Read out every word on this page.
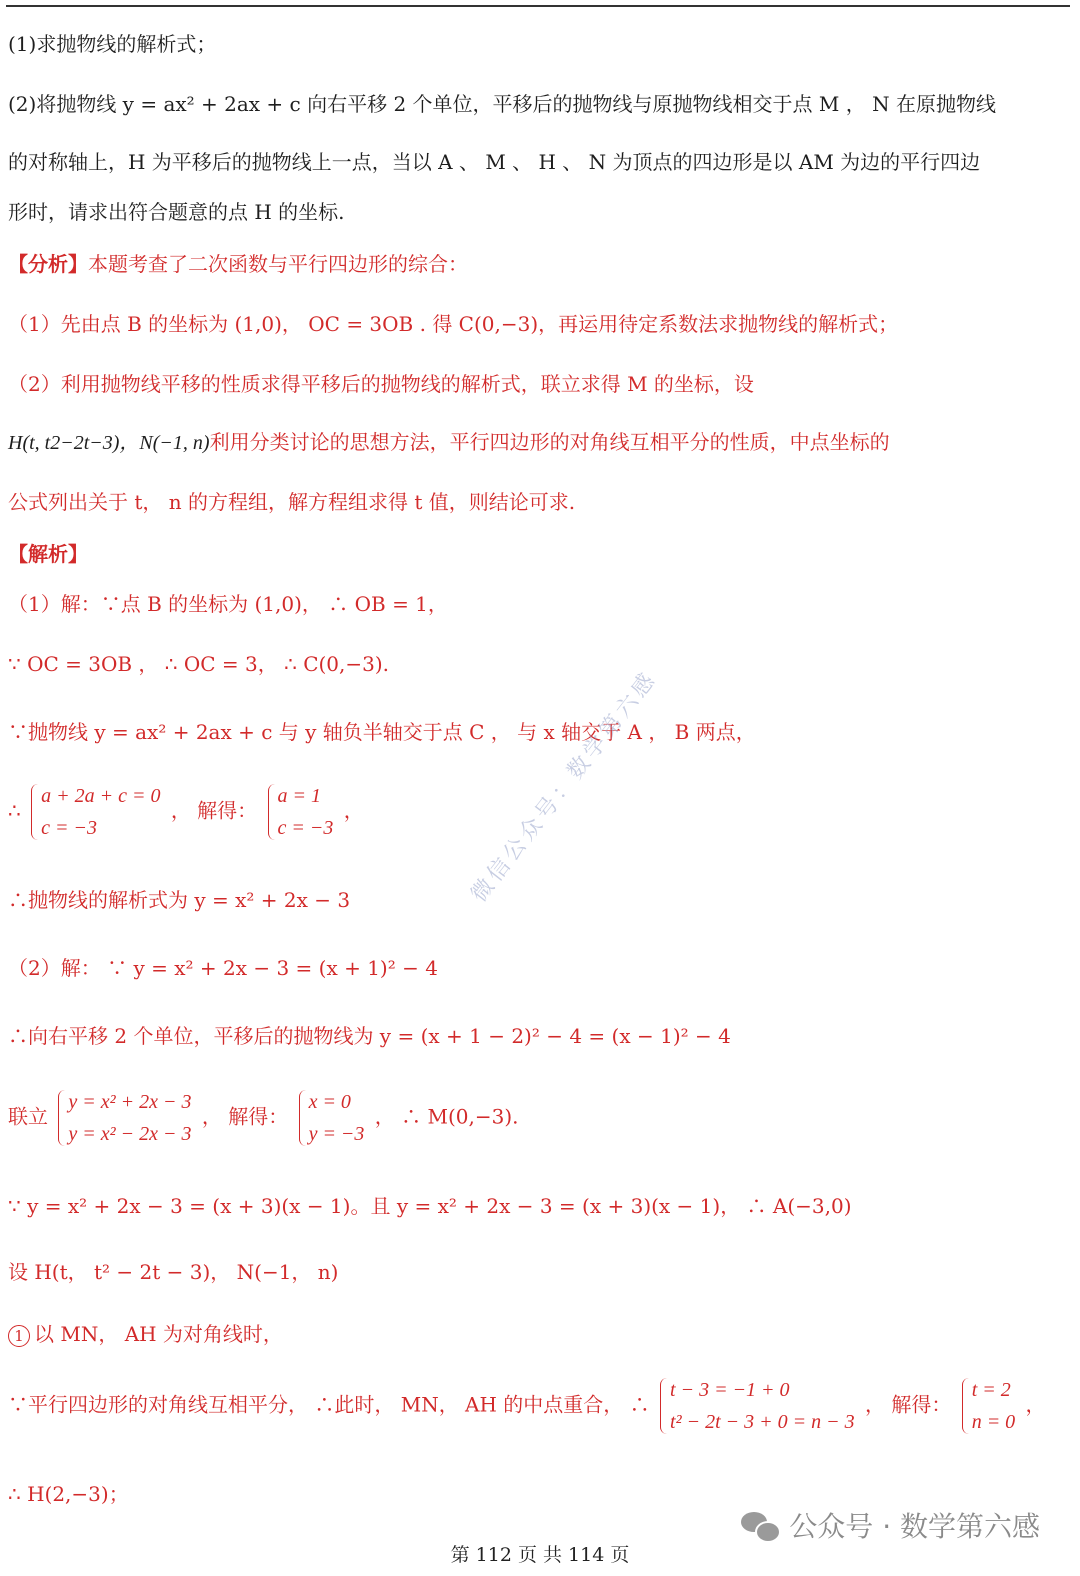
(1)求抛物线的解析式；
(2)将抛物线 y = ax² + 2ax + c 向右平移 2 个单位，平移后的抛物线与原抛物线相交于点 M ， N 在原抛物线
的对称轴上，H 为平移后的抛物线上一点，当以 A 、 M 、 H 、 N 为顶点的四边形是以 AM 为边的平行四边
形时，请求出符合题意的点 H 的坐标.
【分析】本题考查了二次函数与平行四边形的综合：
（1）先由点 B 的坐标为 (1,0)， OC = 3OB . 得 C(0,−3)，再运用待定系数法求抛物线的解析式；
（2）利用抛物线平移的性质求得平移后的抛物线的解析式，联立求得 M 的坐标，设
H(t, t2−2t−3)，N(−1, n)利用分类讨论的思想方法，平行四边形的对角线互相平分的性质，中点坐标的
公式列出关于 t， n 的方程组，解方程组求得 t 值，则结论可求.
【解析】
（1）解：∵点 B 的坐标为 (1,0)， ∴ OB = 1，
∵ OC = 3OB ， ∴ OC = 3， ∴ C(0,−3).
∵抛物线 y = ax² + 2ax + c 与 y 轴负半轴交于点 C ， 与 x 轴交于 A ， B 两点，
∴
a + 2a + c = 0
c = −3
， 解得：
a = 1
c = −3
，
∴抛物线的解析式为 y = x² + 2x − 3
（2）解： ∵ y = x² + 2x − 3 = (x + 1)² − 4
∴向右平移 2 个单位，平移后的抛物线为 y = (x + 1 − 2)² − 4 = (x − 1)² − 4
联立
y = x² + 2x − 3
y = x² − 2x − 3
， 解得：
x = 0
y = −3
， ∴ M(0,−3).
∵ y = x² + 2x − 3 = (x + 3)(x − 1)。且 y = x² + 2x − 3 = (x + 3)(x − 1)， ∴ A(−3,0)
设 H(t， t² − 2t − 3)， N(−1， n)
1 以 MN， AH 为对角线时，
∵平行四边形的对角线互相平分， ∴此时， MN， AH 的中点重合， ∴
t − 3 = −1 + 0
t² − 2t − 3 + 0 = n − 3
， 解得：
t = 2
n = 0
，
∴ H(2,−3)；
微信公众号：数学第六感
公众号 · 数学第六感
第 112 页 共 114 页
